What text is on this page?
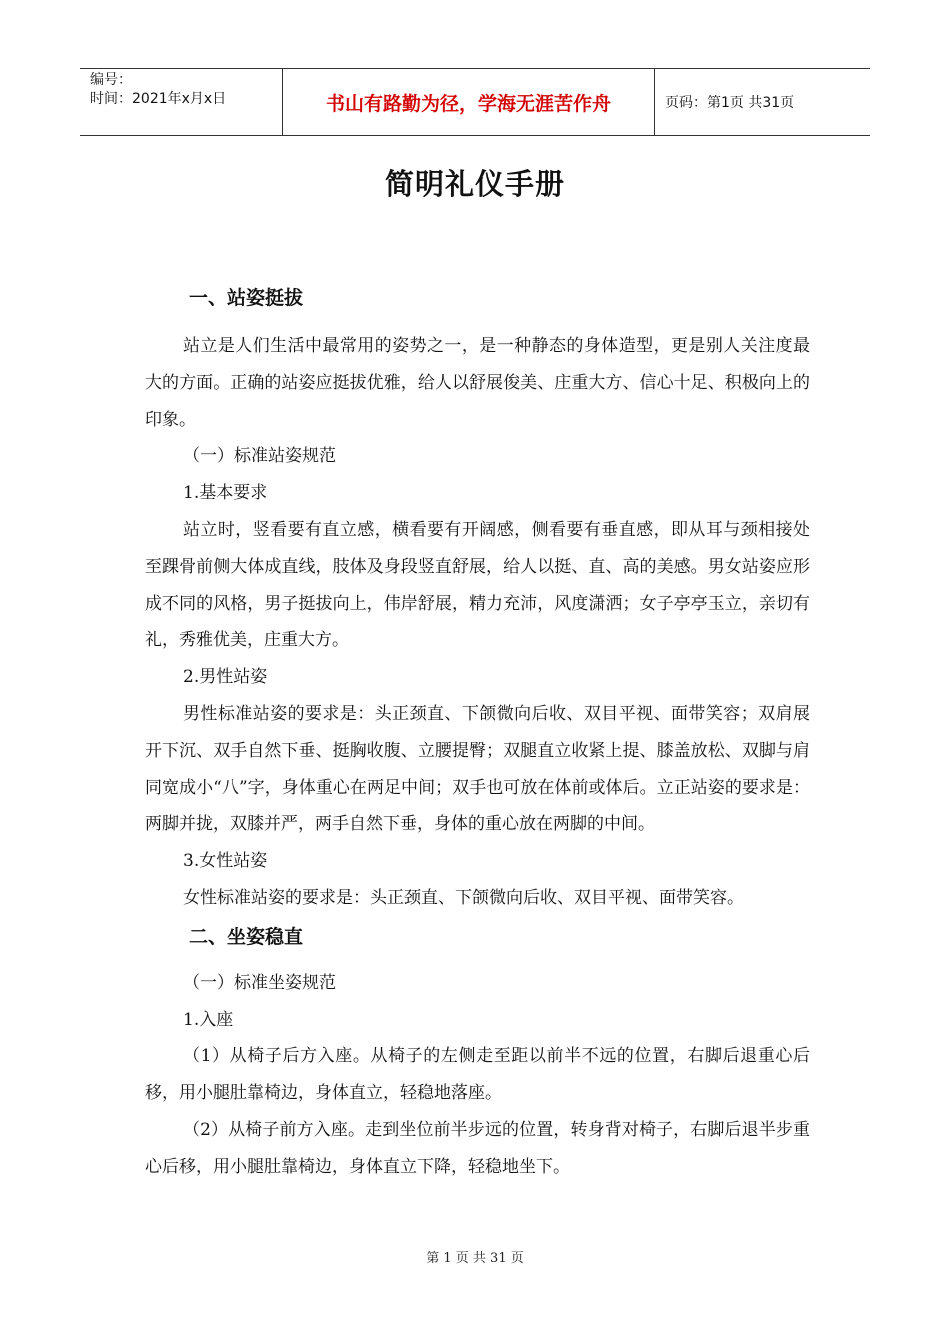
编号：
时间：2021年x月x日	书山有路勤为径，学海无涯苦作舟	页码：第1页 共31页
简明礼仪手册
一、站姿挺拔

站立是人们生活中最常用的姿势之一，是一种静态的身体造型，更是别人关注度最大的方面。正确的站姿应挺拔优雅，给人以舒展俊美、庄重大方、信心十足、积极向上的印象。

（一）标准站姿规范

1.基本要求

站立时，竖看要有直立感，横看要有开阔感，侧看要有垂直感，即从耳与颈相接处至踝骨前侧大体成直线，肢体及身段竖直舒展，给人以挺、直、高的美感。男女站姿应形成不同的风格，男子挺拔向上，伟岸舒展，精力充沛，风度潇洒；女子亭亭玉立，亲切有礼，秀雅优美，庄重大方。

2.男性站姿

男性标准站姿的要求是：头正颈直、下颌微向后收、双目平视、面带笑容；双肩展开下沉、双手自然下垂、挺胸收腹、立腰提臀；双腿直立收紧上提、膝盖放松、双脚与肩同宽成小“八”字，身体重心在两足中间；双手也可放在体前或体后。立正站姿的要求是：两脚并拢，双膝并严，两手自然下垂，身体的重心放在两脚的中间。

3.女性站姿

女性标准站姿的要求是：头正颈直、下颌微向后收、双目平视、面带笑容。

二、坐姿稳直

（一）标准坐姿规范

1.入座

（1）从椅子后方入座。从椅子的左侧走至距以前半不远的位置，右脚后退重心后移，用小腿肚靠椅边，身体直立，轻稳地落座。

（2）从椅子前方入座。走到坐位前半步远的位置，转身背对椅子，右脚后退半步重心后移，用小腿肚靠椅边，身体直立下降，轻稳地坐下。

第 1 页 共 31 页
